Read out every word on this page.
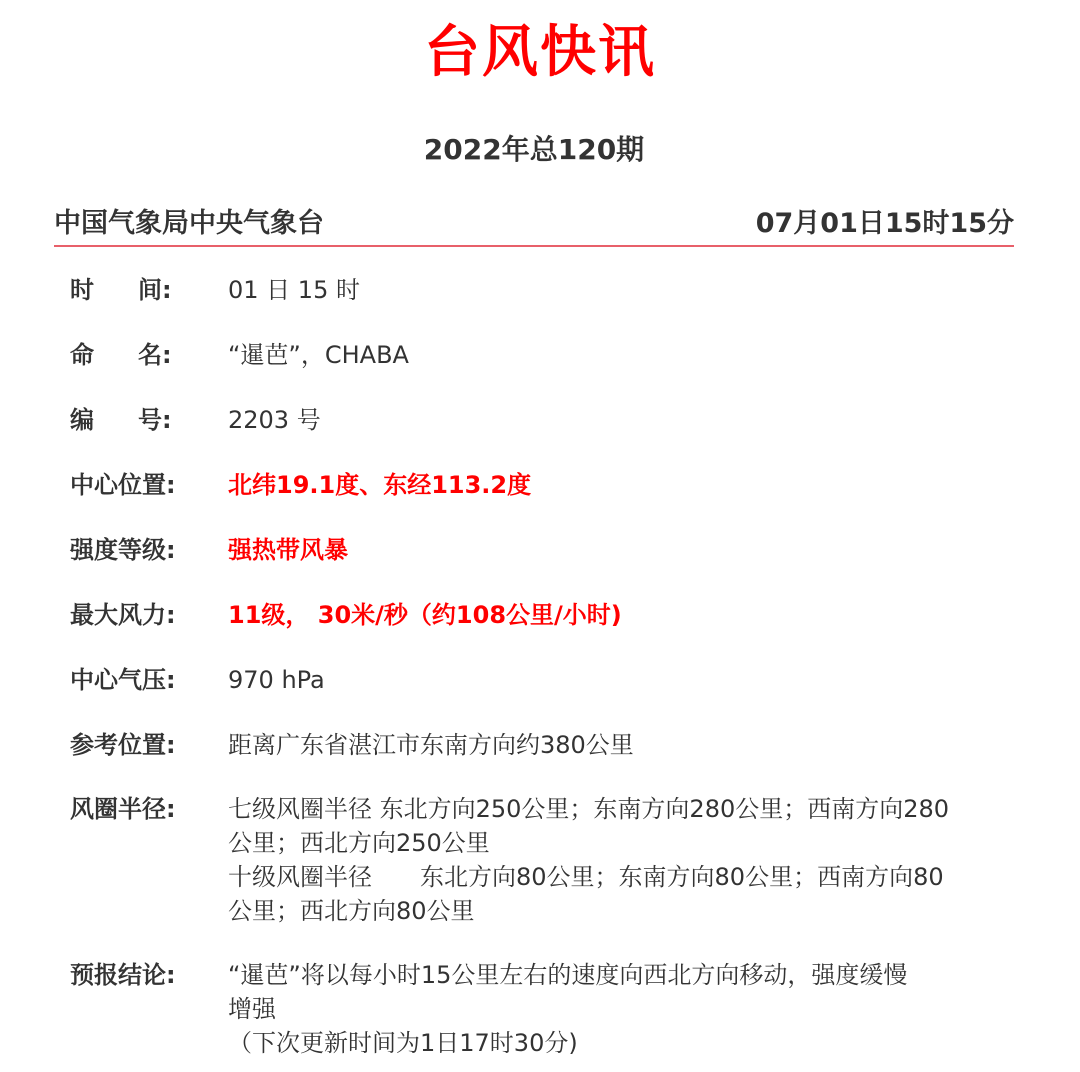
台风快讯
2022年总120期
中国气象局中央气象台	07月01日15时15分
时 间:	01 日 15 时
命 名:	“暹芭”，CHABA
编 号:	2203 号
中心位置:	北纬19.1度、东经113.2度
强度等级:	强热带风暴
最大风力:	11级， 30米/秒（约108公里/小时)
中心气压:	970 hPa
参考位置:	距离广东省湛江市东南方向约380公里
风圈半径:	七级风圈半径 东北方向250公里；东南方向280公里；西南方向280
公里；西北方向250公里
十级风圈半径　　东北方向80公里；东南方向80公里；西南方向80
公里；西北方向80公里
预报结论:	“暹芭”将以每小时15公里左右的速度向西北方向移动，强度缓慢
增强
（下次更新时间为1日17时30分)
